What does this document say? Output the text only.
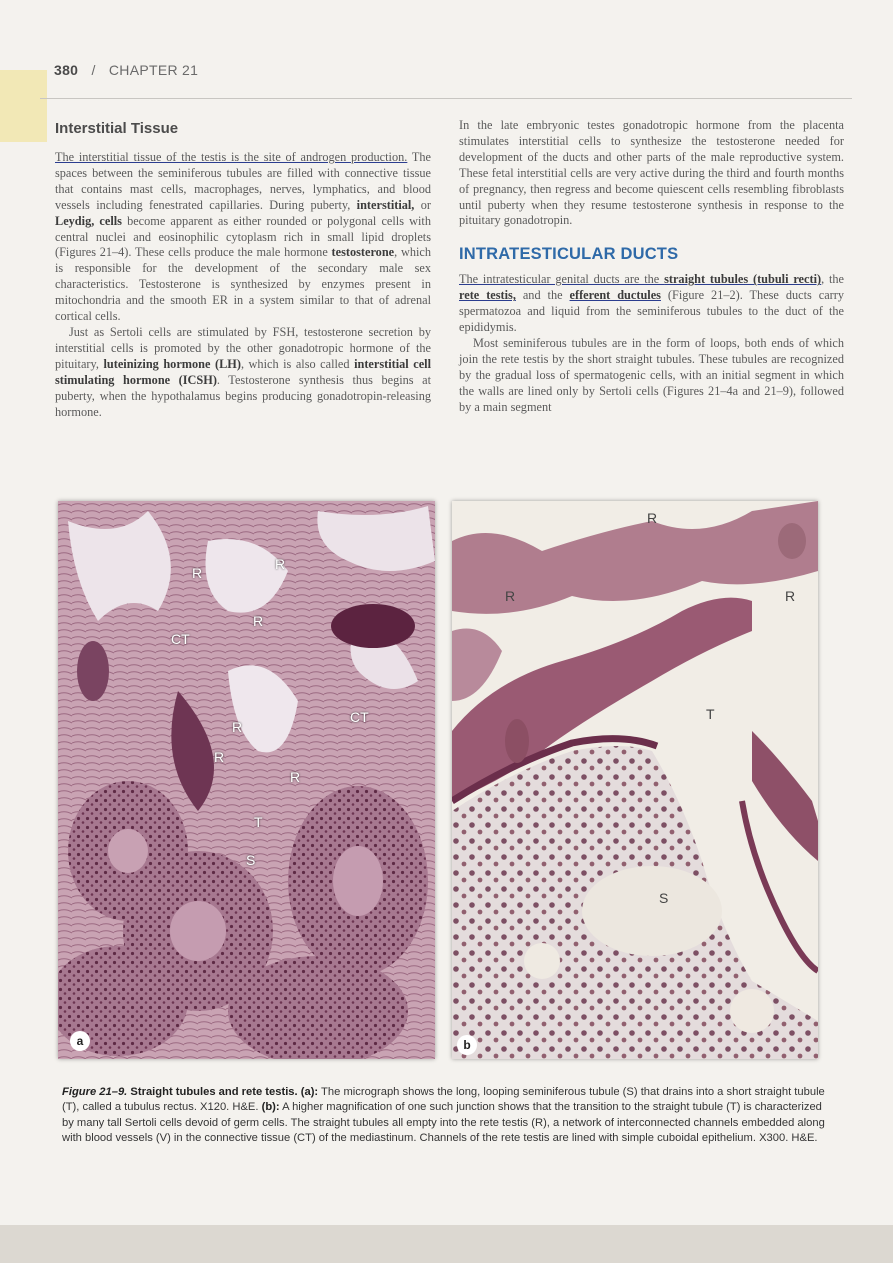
380 / CHAPTER 21
Interstitial Tissue

The interstitial tissue of the testis is the site of androgen production. The spaces between the seminiferous tubules are filled with connective tissue that contains mast cells, macrophages, nerves, lymphatics, and blood vessels including fenestrated capillaries. During puberty, interstitial, or Leydig, cells become apparent as either rounded or polygonal cells with central nuclei and eosinophilic cytoplasm rich in small lipid droplets (Figures 21–4). These cells produce the male hormone testosterone, which is responsible for the development of the secondary male sex characteristics. Testosterone is synthesized by enzymes present in mitochondria and the smooth ER in a system similar to that of adrenal cortical cells.

Just as Sertoli cells are stimulated by FSH, testosterone secretion by interstitial cells is promoted by the other gonadotropic hormone of the pituitary, luteinizing hormone (LH), which is also called interstitial cell stimulating hormone (ICSH). Testosterone synthesis thus begins at puberty, when the hypothalamus begins producing gonadotropin-releasing hormone.

In the late embryonic testes gonadotropic hormone from the placenta stimulates interstitial cells to synthesize the testosterone needed for development of the ducts and other parts of the male reproductive system. These fetal interstitial cells are very active during the third and fourth months of pregnancy, then regress and become quiescent cells resembling fibroblasts until puberty when they resume testosterone synthesis in response to the pituitary gonadotropin.

INTRATESTICULAR DUCTS

The intratesticular genital ducts are the straight tubules (tubuli recti), the rete testis, and the efferent ductules (Figure 21–2). These ducts carry spermatozoa and liquid from the seminiferous tubules to the duct of the epididymis.

Most seminiferous tubules are in the form of loops, both ends of which join the rete testis by the short straight tubules. These tubules are recognized by the gradual loss of spermatogenic cells, with an initial segment in which the walls are lined only by Sertoli cells (Figures 21–4a and 21–9), followed by a main segment

R
R
R
CT
CT
R
R
R
T
S
a
R
R	R
T
S
b
Figure 21–9. Straight tubules and rete testis. (a): The micrograph shows the long, looping seminiferous tubule (S) that drains into a short straight tubule (T), called a tubulus rectus. X120. H&E. (b): A higher magnification of one such junction shows that the transition to the straight tubule (T) is characterized by many tall Sertoli cells devoid of germ cells. The straight tubules all empty into the rete testis (R), a network of interconnected channels embedded along with blood vessels (V) in the connective tissue (CT) of the mediastinum. Channels of the rete testis are lined with simple cuboidal epithelium. X300. H&E.
